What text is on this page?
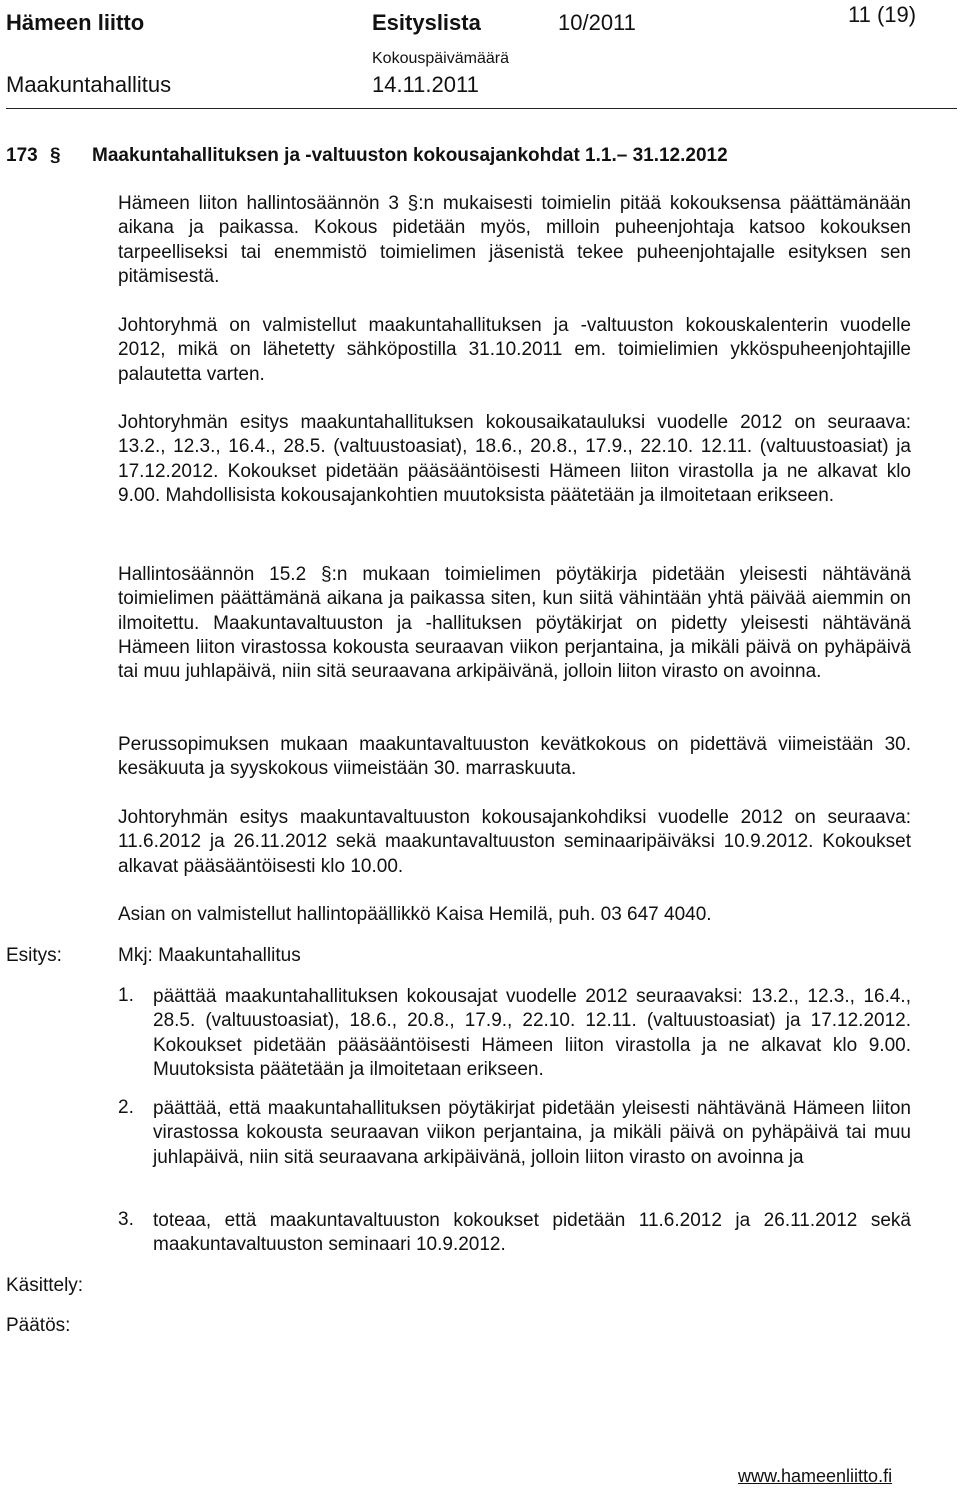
Hämeen liitto	Esityslista	10/2011	11 (19)
Kokouspäivämäärä
Maakuntahallitus	14.11.2011
173 § Maakuntahallituksen ja -valtuuston kokousajankohdat 1.1.– 31.12.2012
Hämeen liiton hallintosäännön 3 §:n mukaisesti toimielin pitää kokouksensa päättämänään aikana ja paikassa. Kokous pidetään myös, milloin puheenjohtaja katsoo kokouksen tarpeelliseksi tai enemmistö toimielimen jäsenistä tekee puheenjohtajalle esityksen sen pitämisestä.
Johtoryhmä on valmistellut maakuntahallituksen ja -valtuuston kokouskalenterin vuodelle 2012, mikä on lähetetty sähköpostilla 31.10.2011 em. toimielimien ykköspuheenjohtajille palautetta varten.
Johtoryhmän esitys maakuntahallituksen kokousaikatauluksi vuodelle 2012 on seuraava: 13.2., 12.3., 16.4., 28.5. (valtuustoasiat), 18.6., 20.8., 17.9., 22.10. 12.11. (valtuustoasiat) ja 17.12.2012. Kokoukset pidetään pääsääntöisesti Hämeen liiton virastolla ja ne alkavat klo 9.00. Mahdollisista kokousajankohtien muutoksista päätetään ja ilmoitetaan erikseen.
Hallintosäännön 15.2 §:n mukaan toimielimen pöytäkirja pidetään yleisesti nähtävänä toimielimen päättämänä aikana ja paikassa siten, kun siitä vähintään yhtä päivää aiemmin on ilmoitettu. Maakuntavaltuuston ja -hallituksen pöytäkirjat on pidetty yleisesti nähtävänä Hämeen liiton virastossa kokousta seuraavan viikon perjantaina, ja mikäli päivä on pyhäpäivä tai muu juhlapäivä, niin sitä seuraavana arkipäivänä, jolloin liiton virasto on avoinna.
Perussopimuksen mukaan maakuntavaltuuston kevätkokous on pidettävä viimeistään 30. kesäkuuta ja syyskokous viimeistään 30. marraskuuta.
Johtoryhmän esitys maakuntavaltuuston kokousajankohdiksi vuodelle 2012 on seuraava: 11.6.2012 ja 26.11.2012 sekä maakuntavaltuuston seminaaripäiväksi 10.9.2012. Kokoukset alkavat pääsääntöisesti klo 10.00.
Asian on valmistellut hallintopäällikkö Kaisa Hemilä, puh. 03 647 4040.
Esitys:	Mkj: Maakuntahallitus
1. päättää maakuntahallituksen kokousajat vuodelle 2012 seuraavaksi: 13.2., 12.3., 16.4., 28.5. (valtuustoasiat), 18.6., 20.8., 17.9., 22.10. 12.11. (valtuustoasiat) ja 17.12.2012. Kokoukset pidetään pääsääntöisesti Hämeen liiton virastolla ja ne alkavat klo 9.00. Muutoksista päätetään ja ilmoitetaan erikseen.
2. päättää, että maakuntahallituksen pöytäkirjat pidetään yleisesti nähtävänä Hämeen liiton virastossa kokousta seuraavan viikon perjantaina, ja mikäli päivä on pyhäpäivä tai muu juhlapäivä, niin sitä seuraavana arkipäivänä, jolloin liiton virasto on avoinna ja
3. toteaa, että maakuntavaltuuston kokoukset pidetään 11.6.2012 ja 26.11.2012 sekä maakuntavaltuuston seminaari 10.9.2012.
Käsittely:
Päätös:
www.hameenliitto.fi
